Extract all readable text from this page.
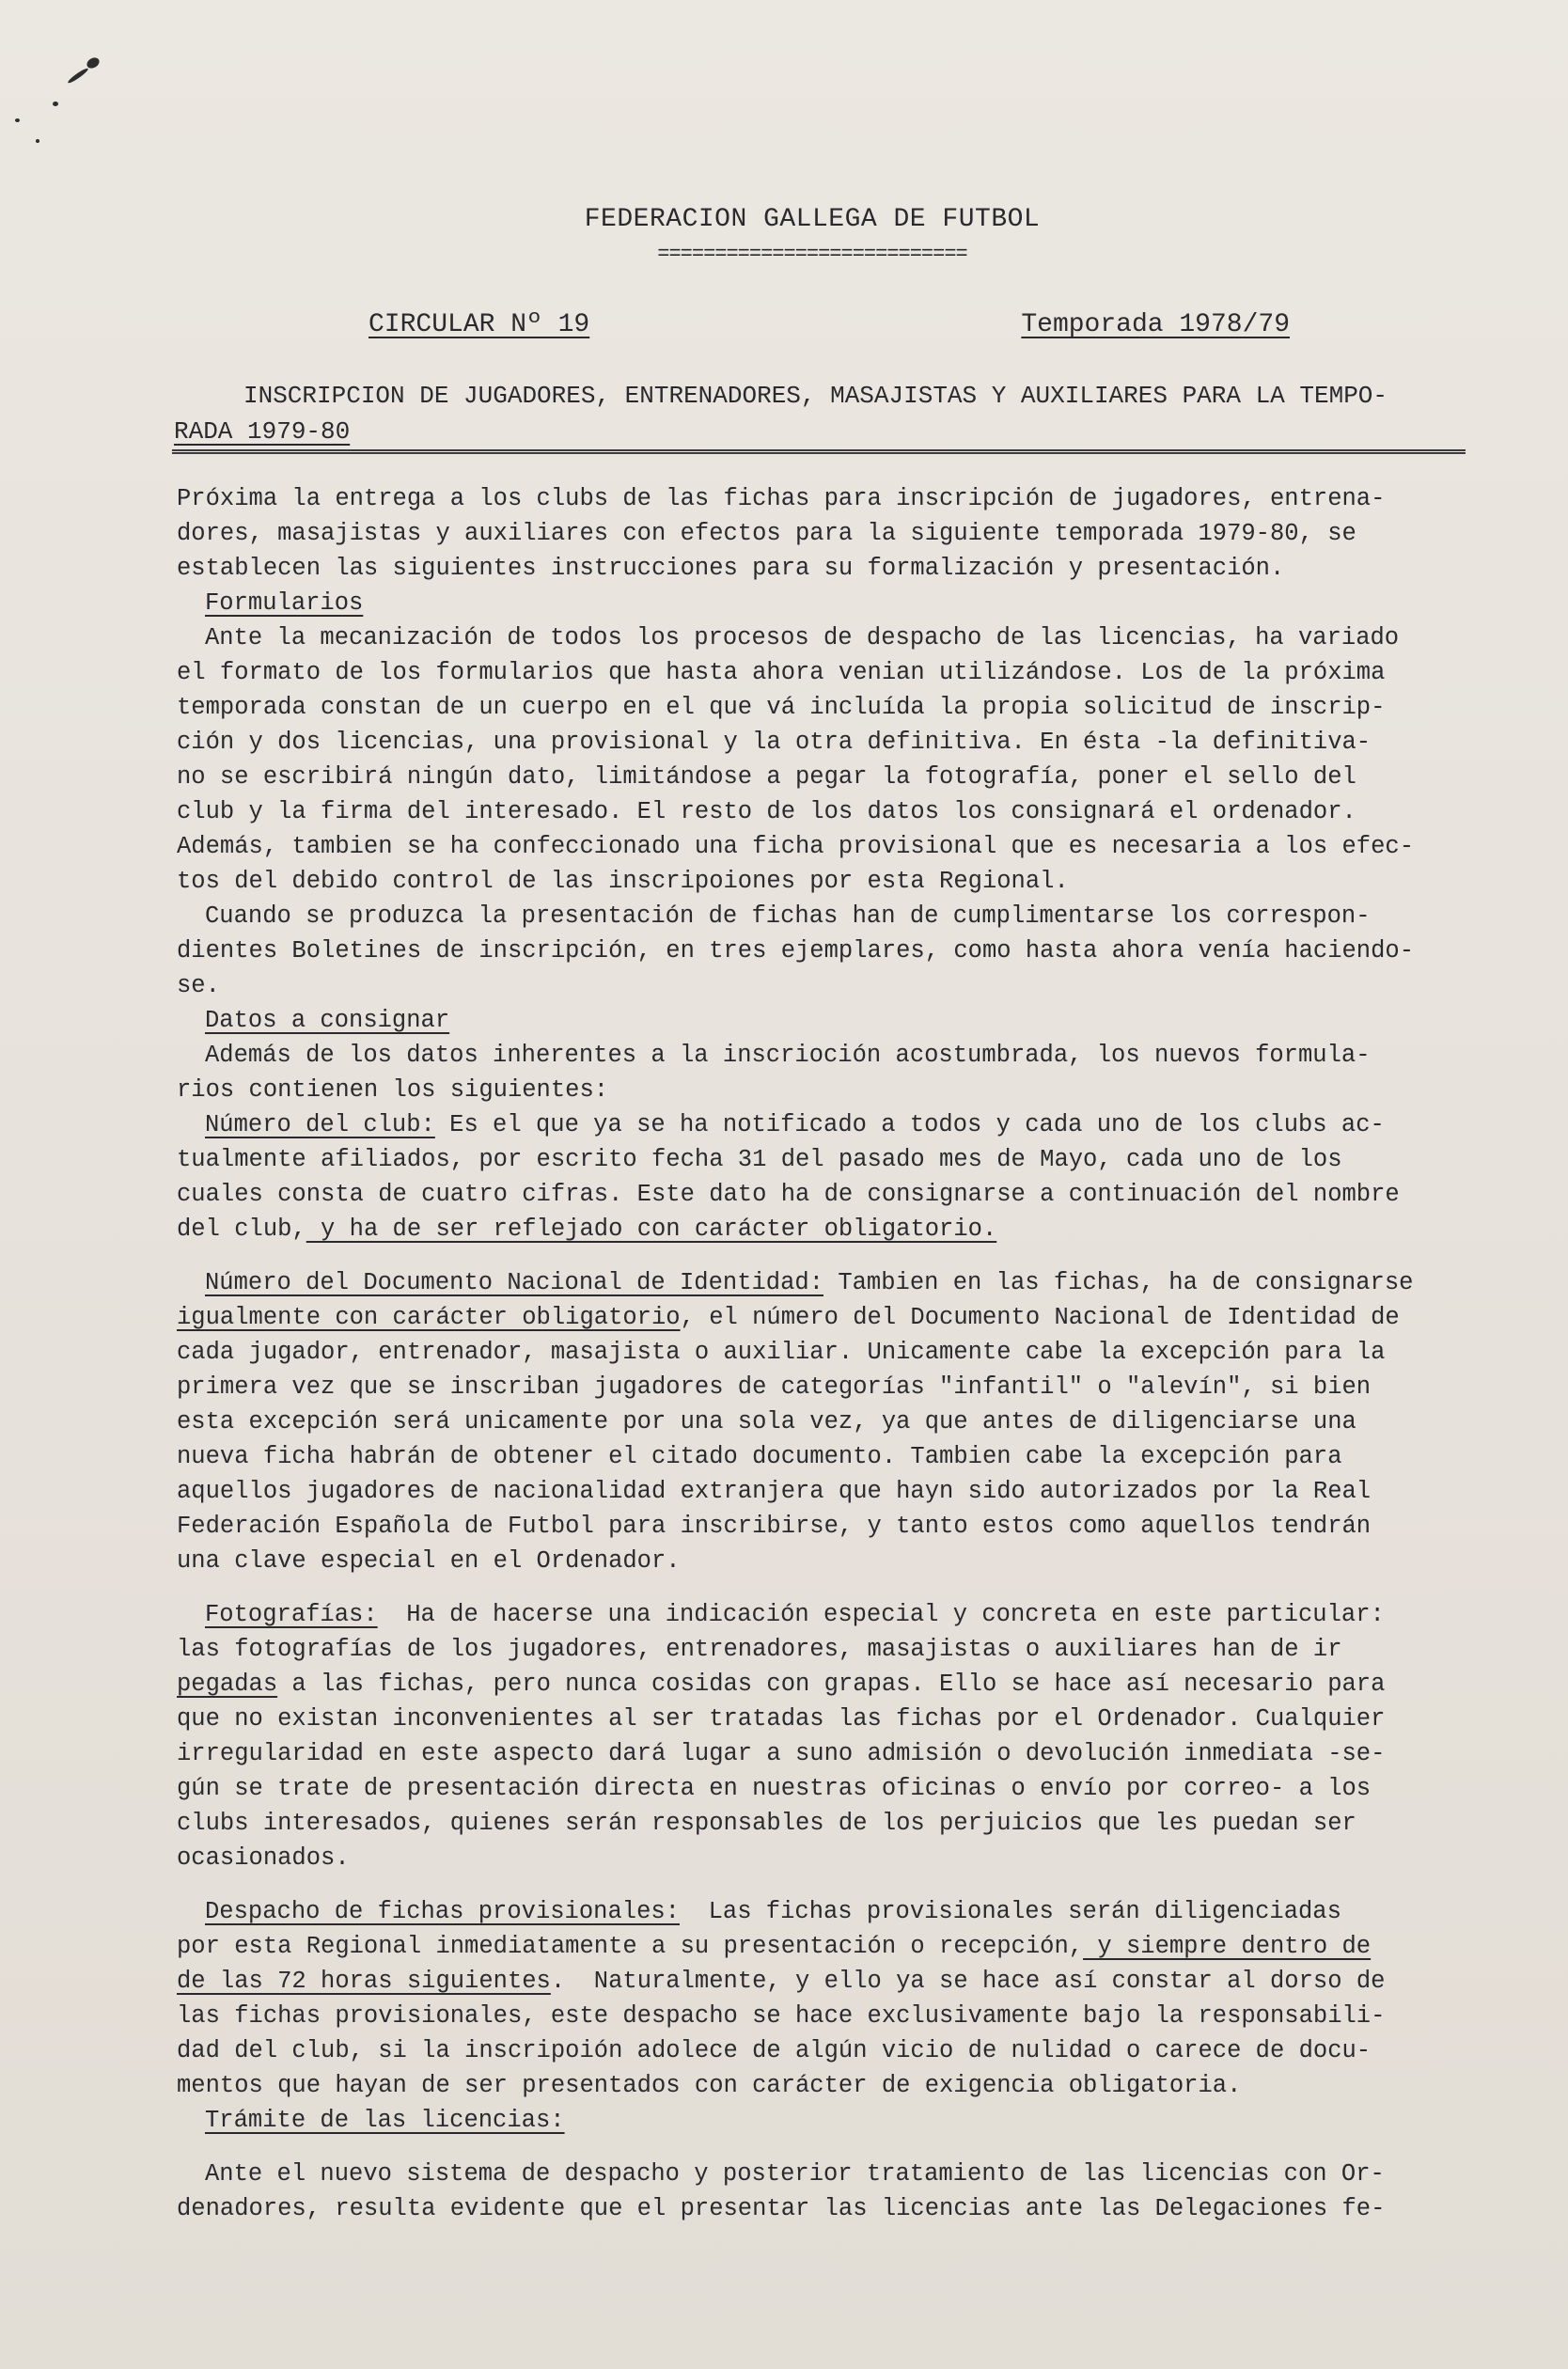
FEDERACION GALLEGA DE FUTBOL
===========================
CIRCULAR Nº 19	Temporada 1978/79

INSCRIPCION DE JUGADORES, ENTRENADORES, MASAJISTAS Y AUXILIARES PARA LA TEMPO-

RADA 1979-80

Próxima la entrega a los clubs de las fichas para inscripción de jugadores, entrena-
dores, masajistas y auxiliares con efectos para la siguiente temporada 1979-80, se
establecen las siguientes instrucciones para su formalización y presentación.
Formularios
Ante la mecanización de todos los procesos de despacho de las licencias, ha variado
el formato de los formularios que hasta ahora venian utilizándose. Los de la próxima
temporada constan de un cuerpo en el que vá incluída la propia solicitud de inscrip-
ción y dos licencias, una provisional y la otra definitiva. En ésta -la definitiva-
no se escribirá ningún dato, limitándose a pegar la fotografía, poner el sello del
club y la firma del interesado. El resto de los datos los consignará el ordenador.
Además, tambien se ha confeccionado una ficha provisional que es necesaria a los efec-
tos del debido control de las inscripoiones por esta Regional.
Cuando se produzca la presentación de fichas han de cumplimentarse los correspon-
dientes Boletines de inscripción, en tres ejemplares, como hasta ahora venía haciendo-
se.
Datos a consignar
Además de los datos inherentes a la inscrioción acostumbrada, los nuevos formula-
rios contienen los siguientes:
Número del club: Es el que ya se ha notificado a todos y cada uno de los clubs ac-
tualmente afiliados, por escrito fecha 31 del pasado mes de Mayo, cada uno de los
cuales consta de cuatro cifras. Este dato ha de consignarse a continuación del nombre
del club, y ha de ser reflejado con carácter obligatorio.
Número del Documento Nacional de Identidad: Tambien en las fichas, ha de consignarse
igualmente con carácter obligatorio, el número del Documento Nacional de Identidad de
cada jugador, entrenador, masajista o auxiliar. Unicamente cabe la excepción para la
primera vez que se inscriban jugadores de categorías "infantil" o "alevín", si bien
esta excepción será unicamente por una sola vez, ya que antes de diligenciarse una
nueva ficha habrán de obtener el citado documento. Tambien cabe la excepción para
aquellos jugadores de nacionalidad extranjera que hayn sido autorizados por la Real
Federación Española de Futbol para inscribirse, y tanto estos como aquellos tendrán
una clave especial en el Ordenador.
Fotografías:  Ha de hacerse una indicación especial y concreta en este particular:
las fotografías de los jugadores, entrenadores, masajistas o auxiliares han de ir
pegadas a las fichas, pero nunca cosidas con grapas. Ello se hace así necesario para
que no existan inconvenientes al ser tratadas las fichas por el Ordenador. Cualquier
irregularidad en este aspecto dará lugar a suno admisión o devolución inmediata -se-
gún se trate de presentación directa en nuestras oficinas o envío por correo- a los
clubs interesados, quienes serán responsables de los perjuicios que les puedan ser
ocasionados.
Despacho de fichas provisionales:  Las fichas provisionales serán diligenciadas
por esta Regional inmediatamente a su presentación o recepción, y siempre dentro de
de las 72 horas siguientes.  Naturalmente, y ello ya se hace así constar al dorso de
las fichas provisionales, este despacho se hace exclusivamente bajo la responsabili-
dad del club, si la inscripoión adolece de algún vicio de nulidad o carece de docu-
mentos que hayan de ser presentados con carácter de exigencia obligatoria.
Trámite de las licencias:
Ante el nuevo sistema de despacho y posterior tratamiento de las licencias con Or-
denadores, resulta evidente que el presentar las licencias ante las Delegaciones fe-
